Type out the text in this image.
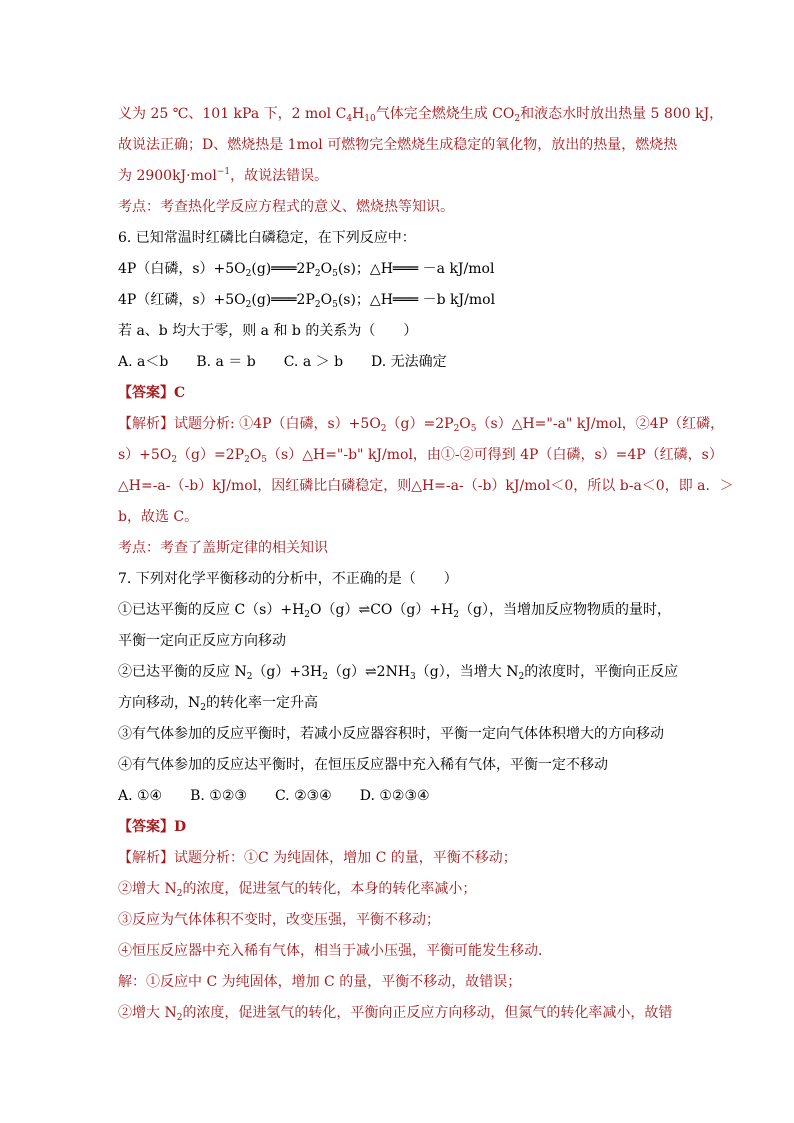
义为 25 ℃、101 kPa 下，2 mol $C_4H_{10}$气体完全燃烧生成 $CO_2$和液态水时放出热量 5 800 kJ，
故说法正确；D、燃烧热是 1mol 可燃物完全燃烧生成稳定的氧化物，放出的热量，燃烧热
为 2900kJ·mol$^{-1}$，故说法错误。
考点：考查热化学反应方程式的意义、燃烧热等知识。
6. 已知常温时红磷比白磷稳定，在下列反应中：
4P（白磷，$s)+5O_2(g)═══2P_2O_5(s)$；△H═══ －a kJ/mol
4P（红磷，$s)+5O_2(g)═══2P_2O_5(s)$；△H═══ －b kJ/mol
若 a、b 均大于零，则 a 和 b 的关系为（　　）
A. a＜b　　B. a ＝ b　　C. a ＞ b　　D. 无法确定
【答案】C
【解析】试题分析: ①4P（白磷，$s)+5O_2(g)=2P_2O_5(s)\triangle H="-a$" kJ/mol，②4P（红磷，
$s)+5O_2(g)=2P_2O_5(s)\triangle H="-b$" kJ/mol，由①-②可得到 4P（白磷，s）=4P（红磷，s）
△H=-a-（-b）kJ/mol，因红磷比白磷稳定，则△H=-a-（-b）kJ/mol＜0，所以 b-a＜0，即 a．＞
b，故选 C。
考点：考查了盖斯定律的相关知识
7. 下列对化学平衡移动的分析中，不正确的是（　　）
①已达平衡的反应 $C(s)+H_2O(g)\rightleftharpoons CO(g)+H_2(g)$，当增加反应物物质的量时，
平衡一定向正反应方向移动
②已达平衡的反应 $N_2(g)+3H_2(g)\rightleftharpoons 2NH_3(g)$，当增大 $N_2$的浓度时，平衡向正反应
方向移动，$N_2$的转化率一定升高
③有气体参加的反应平衡时，若减小反应器容积时，平衡一定向气体体积增大的方向移动
④有气体参加的反应达平衡时，在恒压反应器中充入稀有气体，平衡一定不移动
A. ①④　　B. ①②③　　C. ②③④　　D. ①②③④
【答案】D
【解析】试题分析：①C 为纯固体，增加 C 的量，平衡不移动；
②增大 $N_2$的浓度，促进氢气的转化，本身的转化率减小；
③反应为气体体积不变时，改变压强，平衡不移动；
④恒压反应器中充入稀有气体，相当于减小压强，平衡可能发生移动．
解：①反应中 C 为纯固体，增加 C 的量，平衡不移动，故错误；
②增大 $N_2$的浓度，促进氢气的转化，平衡向正反应方向移动，但氮气的转化率减小，故错
